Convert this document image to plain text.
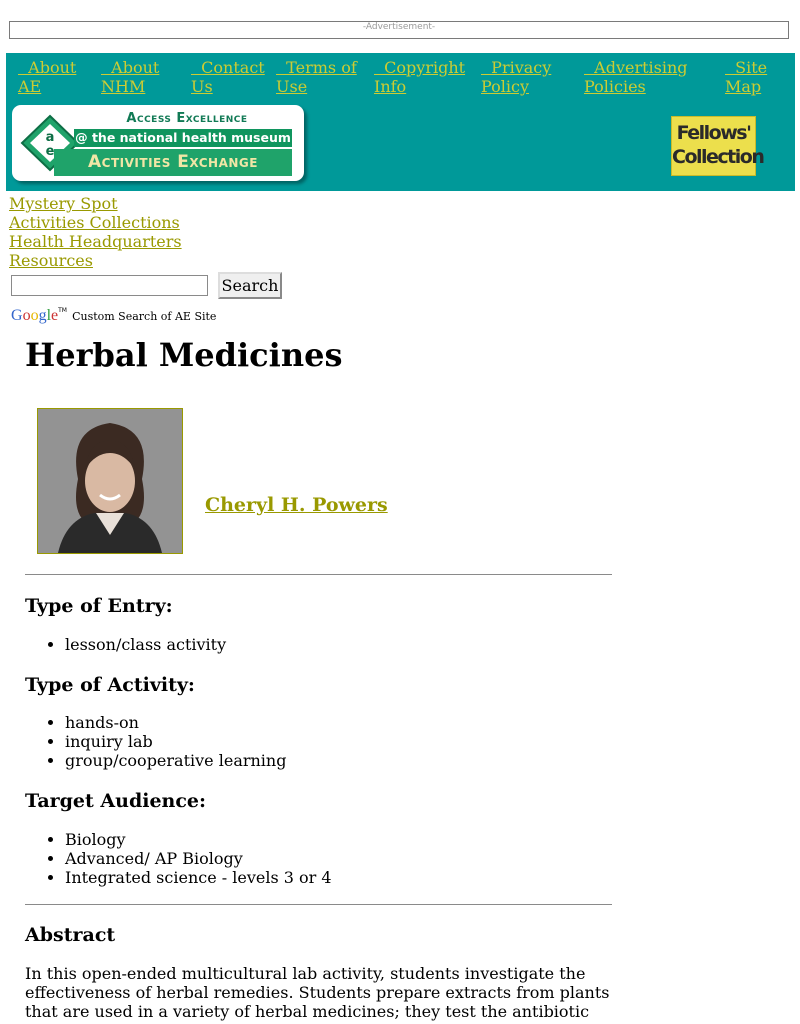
-Advertisement-
About
AE
About
NHM
Contact
Us
Terms of
Use
Copyright
Info
Privacy
Policy
Advertising
Policies
Site
Map
a
e
Access Excellence
@ the national health museum
Activities Exchange
Fellows'
Collection
Mystery Spot
Activities Collections
Health Headquarters
Resources
Search
Google™ Custom Search of AE Site
Herbal Medicines
Cheryl H. Powers
Type of Entry:
• lesson/class activity
Type of Activity:
• hands-on
• inquiry lab
• group/cooperative learning
Target Audience:
• Biology
• Advanced/ AP Biology
• Integrated science - levels 3 or 4
Abstract

In this open-ended multicultural lab activity, students investigate the effectiveness of herbal remedies. Students prepare extracts from plants that are used in a variety of herbal medicines; they test the antibiotic
